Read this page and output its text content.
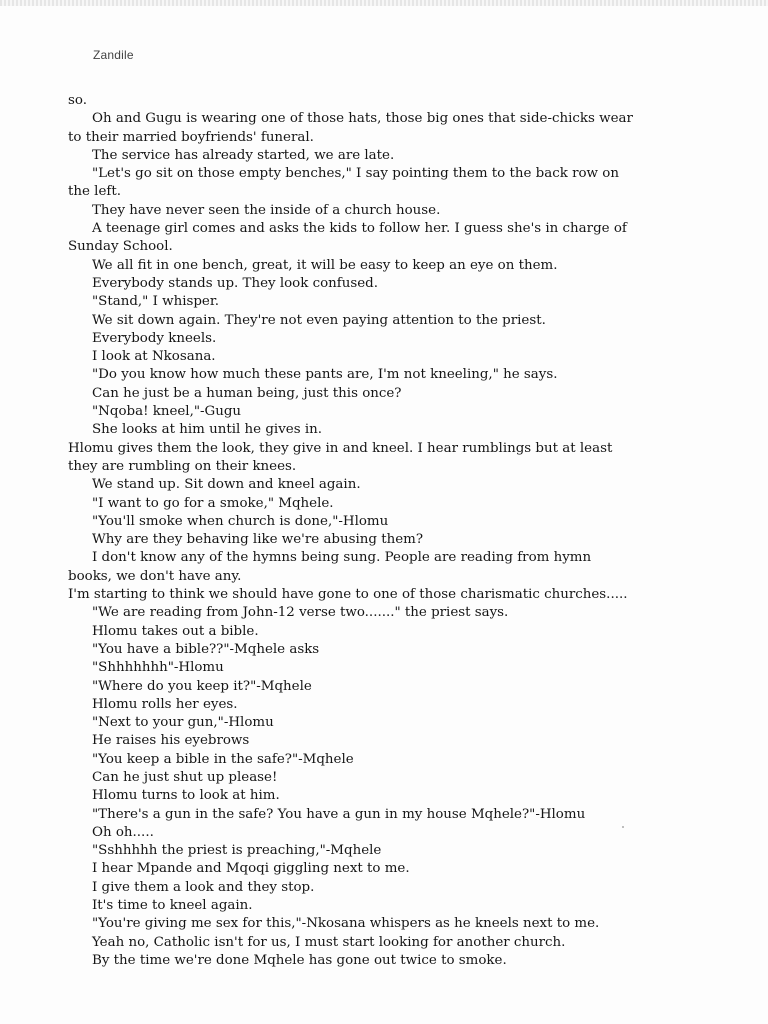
Zandile
so.
Oh and Gugu is wearing one of those hats, those big ones that side-chicks wear
to their married boyfriends' funeral.
The service has already started, we are late.
"Let's go sit on those empty benches," I say pointing them to the back row on
the left.
They have never seen the inside of a church house.
A teenage girl comes and asks the kids to follow her. I guess she's in charge of
Sunday School.
We all fit in one bench, great, it will be easy to keep an eye on them.
Everybody stands up. They look confused.
"Stand," I whisper.
We sit down again. They're not even paying attention to the priest.
Everybody kneels.
I look at Nkosana.
"Do you know how much these pants are, I'm not kneeling," he says.
Can he just be a human being, just this once?
"Nqoba! kneel,"-Gugu
She looks at him until he gives in.
Hlomu gives them the look, they give in and kneel. I hear rumblings but at least
they are rumbling on their knees.
We stand up. Sit down and kneel again.
"I want to go for a smoke," Mqhele.
"You'll smoke when church is done,"-Hlomu
Why are they behaving like we're abusing them?
I don't know any of the hymns being sung. People are reading from hymn
books, we don't have any.
I'm starting to think we should have gone to one of those charismatic churches.....
"We are reading from John-12 verse two......." the priest says.
Hlomu takes out a bible.
"You have a bible??"-Mqhele asks
"Shhhhhhh"-Hlomu
"Where do you keep it?"-Mqhele
Hlomu rolls her eyes.
"Next to your gun,"-Hlomu
He raises his eyebrows
"You keep a bible in the safe?"-Mqhele
Can he just shut up please!
Hlomu turns to look at him.
"There's a gun in the safe? You have a gun in my house Mqhele?"-Hlomu
Oh oh.....
"Sshhhhh the priest is preaching,"-Mqhele
I hear Mpande and Mqoqi giggling next to me.
I give them a look and they stop.
It's time to kneel again.
"You're giving me sex for this,"-Nkosana whispers as he kneels next to me.
Yeah no, Catholic isn't for us, I must start looking for another church.
By the time we're done Mqhele has gone out twice to smoke.
